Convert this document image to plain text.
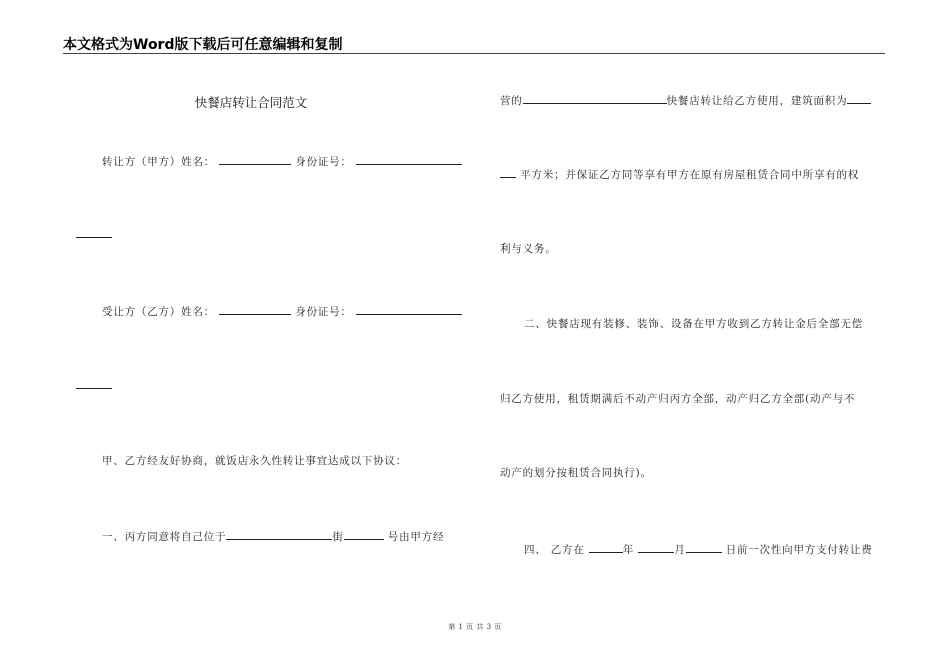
本文格式为Word版下载后可任意编辑和复制
快餐店转让合同范文
转让方（甲方）姓名：	身份证号：
受让方（乙方）姓名：	身份证号：
甲、乙方经友好协商，就饭店永久性转让事宜达成以下协议：
一、丙方同意将自己位于	街	号由甲方经
营的	快餐店转让给乙方使用，建筑面积为
平方米；并保证乙方同等享有甲方在原有房屋租赁合同中所享有的权
利与义务。
二、快餐店现有装修、装饰、设备在甲方收到乙方转让金后全部无偿
归乙方使用，租赁期满后不动产归丙方全部，动产归乙方全部(动产与不
动产的划分按租赁合同执行)。
四、 乙方在	年	月	日前一次性向甲方支付转让费
第 1 页 共 3 页
